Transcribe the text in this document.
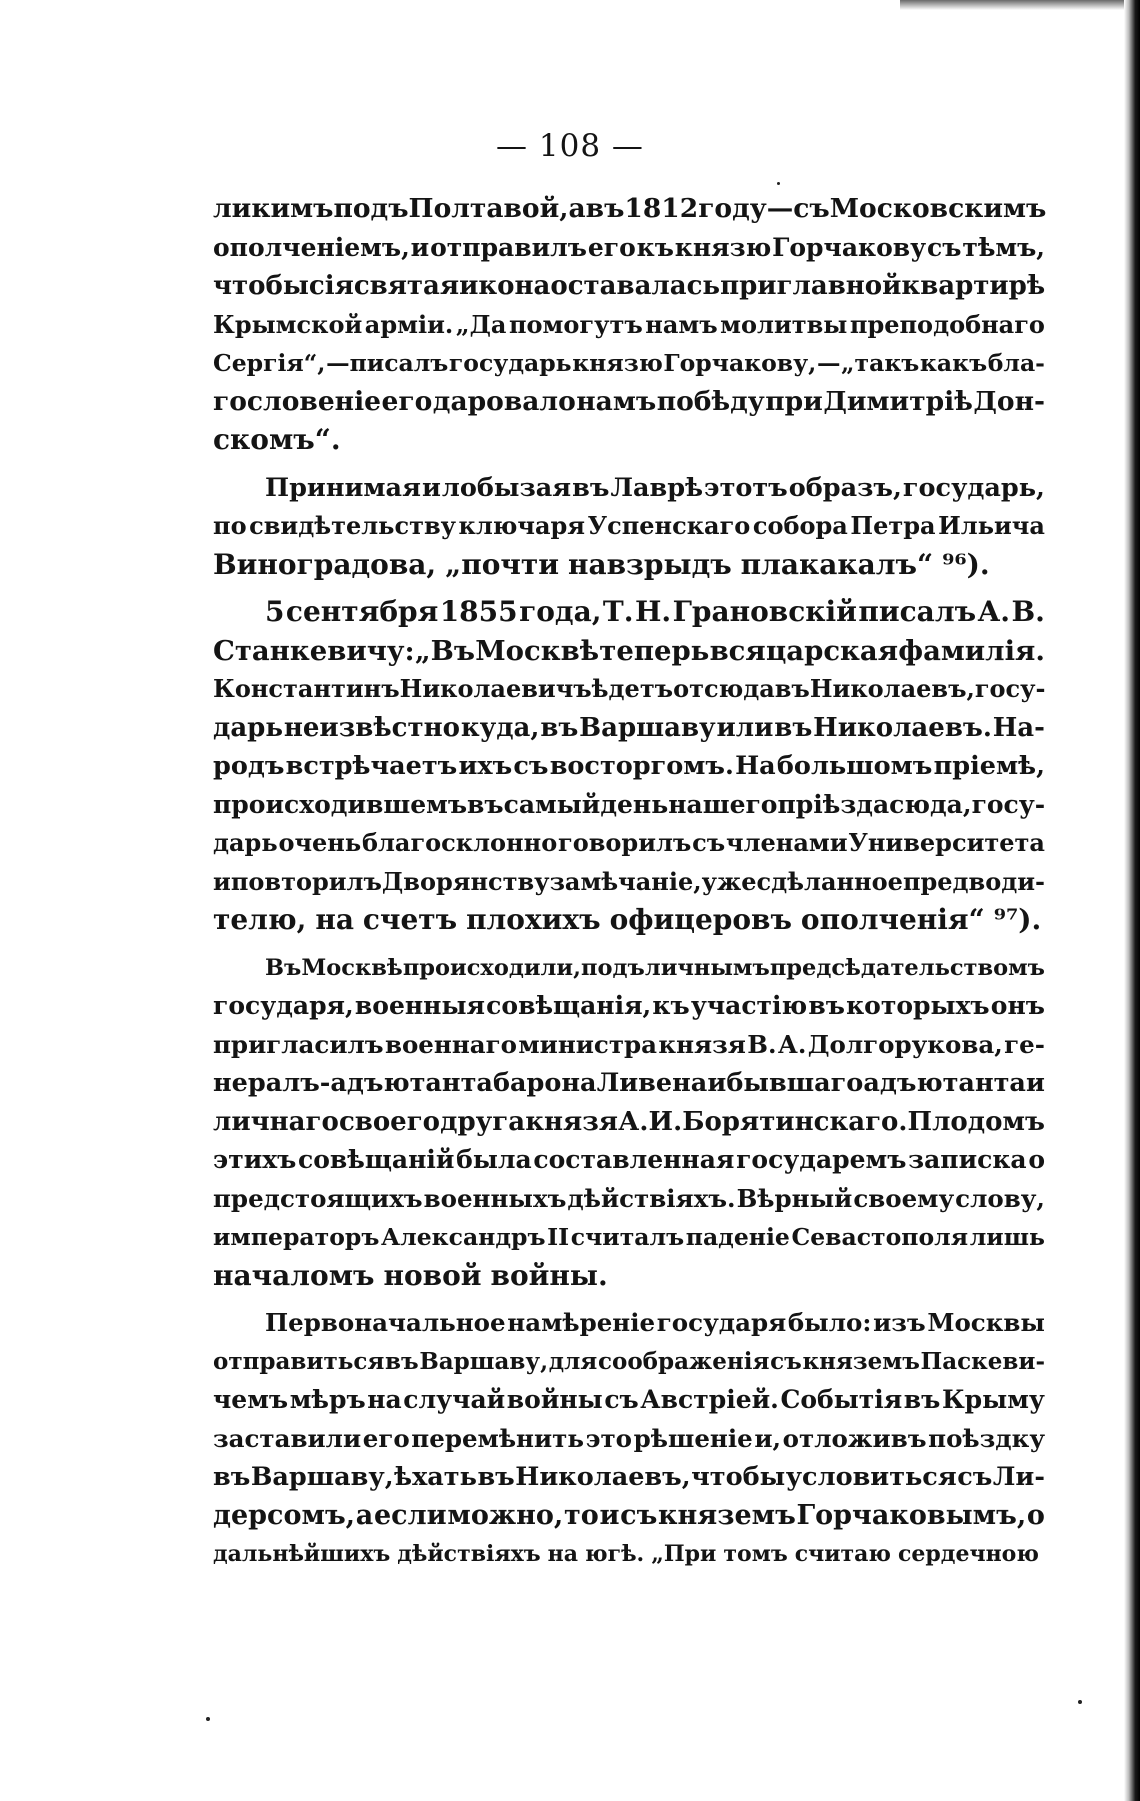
— 108 —
ликимъ подъ Полтавой, а въ 1812 году — съ Московскимъ
ополченіемъ, и отправилъ его къ князю Горчакову съ тѣмъ,
чтобы сія святая икона оставалась при главной квартирѣ
Крымской арміи. „Да помогутъ намъ молитвы преподобнаго
Сергія“, —писалъ государь князю Горчакову, — „такъ какъ бла-
гословеніе его даровало намъ побѣду при Димитріѣ Дон-
скомъ“.
Принимая и лобызая въ Лаврѣ этотъ образъ, государь,
по свидѣтельству ключаря Успенскаго собора Петра Ильича
Виноградова, „почти навзрыдъ плакакалъ“ ⁹⁶).
5 сентября 1855 года, Т. Н. Грановскій писалъ А. В.
Станкевичу: „Въ Москвѣ теперь вся царская фамилія.
Константинъ Николаевичъ ѣдетъ отсюда въ Николаевъ, госу-
дарь неизвѣстно куда, въ Варшаву или въ Николаевъ. На-
родъ встрѣчаетъ ихъ съ восторгомъ. На большомъ пріемѣ,
происходившемъ въ самый день нашего пріѣзда сюда, госу-
дарь очень благосклонно говорилъ съ членами Университета
и повторилъ Дворянству замѣчаніе, уже сдѣланное предводи-
телю, на счетъ плохихъ офицеровъ ополченія“ ⁹⁷).
Въ Москвѣ происходили, подъ личнымъ предсѣдательствомъ
государя, военныя совѣщанія, къ участію въ которыхъ онъ
пригласилъ военнаго министра князя В. А. Долгорукова, ге-
нералъ-адъютанта барона Ливена и бывшаго адъютанта и
личнаго своего друга князя А. И. Борятинскаго. Плодомъ
этихъ совѣщаній была составленная государемъ записка о
предстоящихъ военныхъ дѣйствіяхъ. Вѣрный своему слову,
императоръ Александръ II считалъ паденіе Севастополя лишь
началомъ новой войны.
Первоначальное намѣреніе государя было: изъ Москвы
отправиться въ Варшаву, для соображенія съ княземъ Паскеви-
чемъ мѣръ на случай войны съ Австріей. Событія въ Крыму
заставили его перемѣнить это рѣшеніе и, отложивъ поѣздку
въ Варшаву, ѣхать въ Николаевъ, чтобы условиться съ Ли-
дерсомъ, а если можно, то и съ княземъ Горчаковымъ, о
дальнѣйшихъ дѣйствіяхъ на югѣ. „При томъ считаю сердечною
